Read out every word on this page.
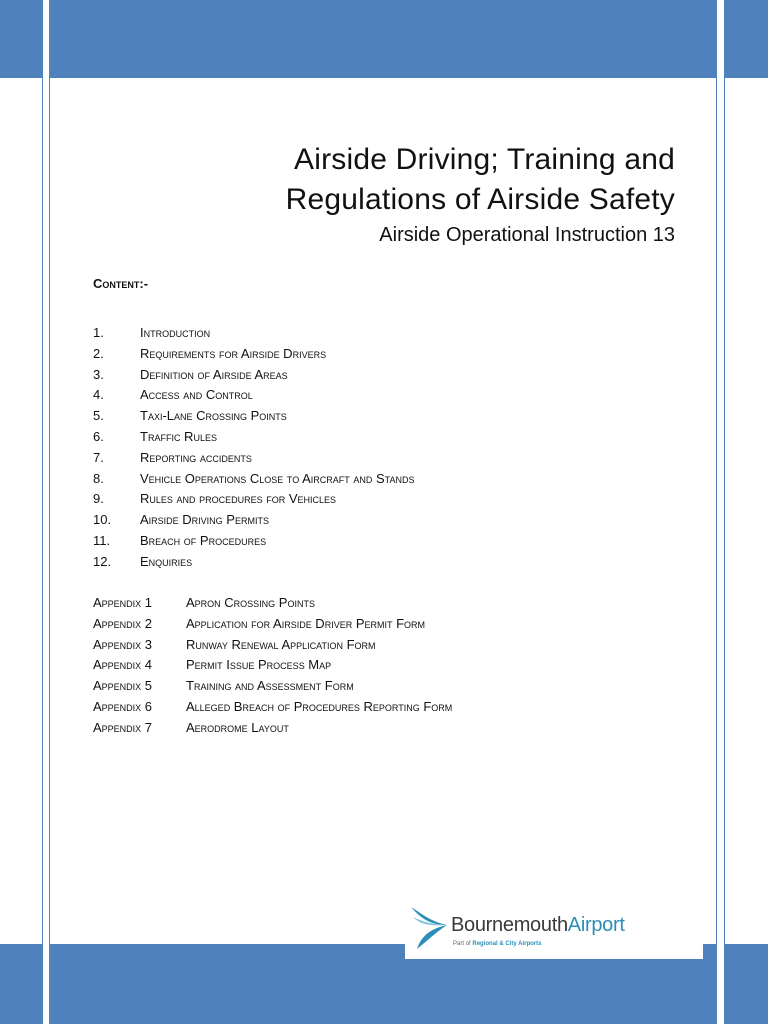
Airside Driving; Training and
Regulations of Airside Safety
Airside Operational Instruction 13
Content:-
1.	Introduction
2.	Requirements for Airside Drivers
3.	Definition of Airside Areas
4.	Access and Control
5.	Taxi-Lane Crossing Points
6.	Traffic Rules
7.	Reporting accidents
8.	Vehicle Operations Close to Aircraft and Stands
9.	Rules and procedures for Vehicles
10. Airside Driving Permits
11. Breach of Procedures
12. Enquiries
Appendix 1	Apron Crossing Points
Appendix 2	Application for Airside Driver Permit Form
Appendix 3	Runway Renewal Application Form
Appendix 4	Permit Issue Process Map
Appendix 5	Training and Assessment Form
Appendix 6	Alleged Breach of Procedures Reporting Form
Appendix 7	Aerodrome Layout
BournemouthAirport
Part of Regional & City Airports
